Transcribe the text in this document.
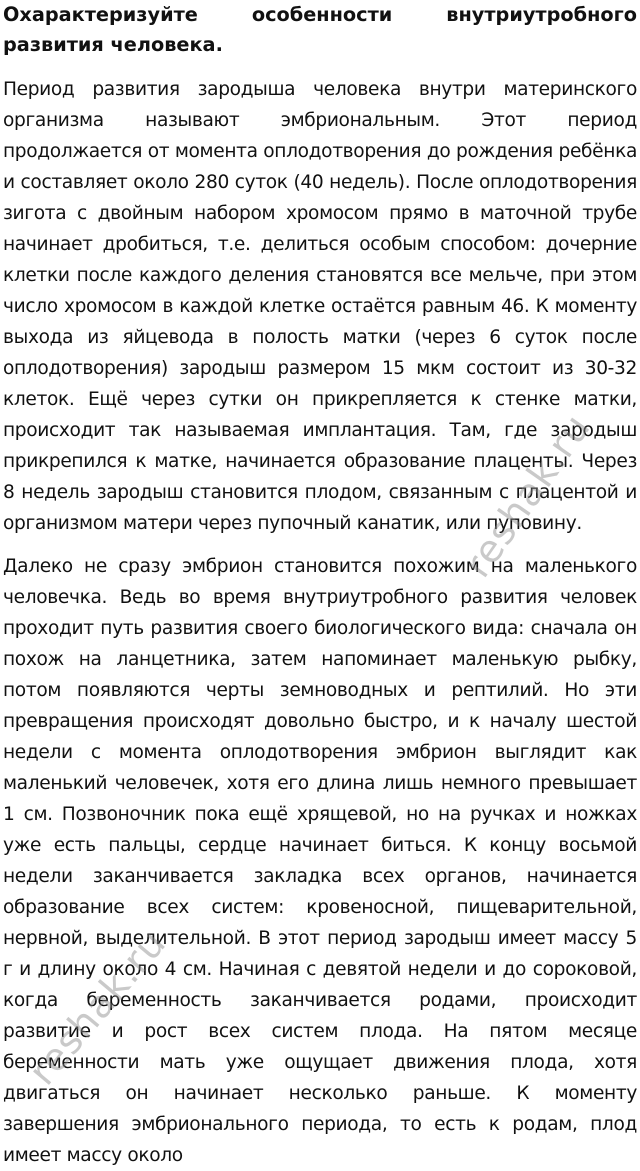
Охарактеризуйте особенности внутриутробного развития человека.

Период развития зародыша человека внутри материнского организма называют эмбриональным. Этот период продолжается от момента оплодотворения до рождения ребёнка и составляет около 280 суток (40 недель). После оплодотворения зигота с двойным набором хромосом прямо в маточной трубе начинает дробиться, т.е. делиться особым способом: дочерние клетки после каждого деления становятся все мельче, при этом число хромосом в каждой клетке остаётся равным 46. К моменту выхода из яйцевода в полость матки (через 6 суток после оплодотворения) зародыш размером 15 мкм состоит из 30-32 клеток. Ещё через сутки он прикрепляется к стенке матки, происходит так называемая имплантация. Там, где зародыш прикрепился к матке, начинается образование плаценты. Через 8 недель зародыш становится плодом, связанным с плацентой и организмом матери через пупочный канатик, или пуповину.

Далеко не сразу эмбрион становится похожим на маленького человечка. Ведь во время внутриутробного развития человек проходит путь развития своего биологического вида: сначала он похож на ланцетника, затем напоминает маленькую рыбку, потом появляются черты земноводных и рептилий. Но эти превращения происходят довольно быстро, и к началу шестой недели с момента оплодотворения эмбрион выглядит как маленький человечек, хотя его длина лишь немного превышает 1 см. Позвоночник пока ещё хрящевой, но на ручках и ножках уже есть пальцы, сердце начинает биться. К концу восьмой недели заканчивается закладка всех органов, начинается образование всех систем: кровеносной, пищеварительной, нервной, выделительной. В этот период зародыш имеет массу 5 г и длину около 4 см. Начиная с девятой недели и до сороковой, когда беременность заканчивается родами, происходит развитие и рост всех систем плода. На пятом месяце беременности мать уже ощущает движения плода, хотя двигаться он начинает несколько раньше. К моменту завершения эмбрионального периода, то есть к родам, плод имеет массу около

reshak.ru
reshak.ru
